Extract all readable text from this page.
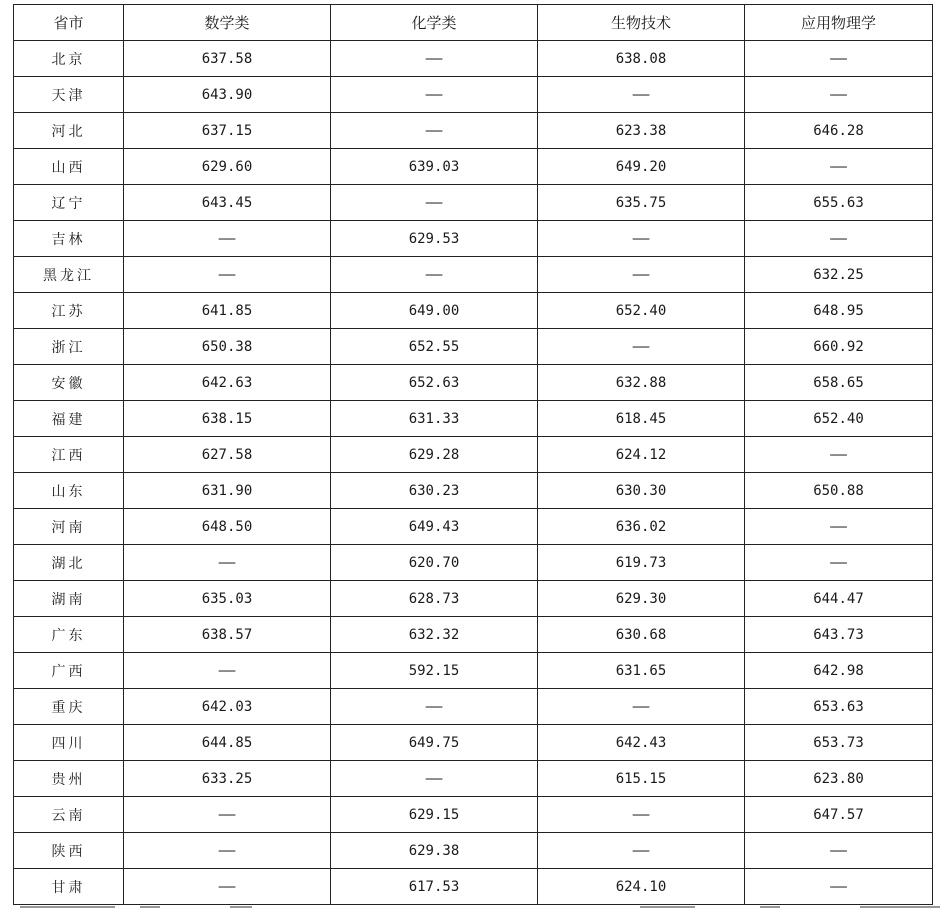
省市	数学类	化学类	生物技术	应用物理学
北京	637.58	——	638.08	——
天津	643.90	——	——	——
河北	637.15	——	623.38	646.28
山西	629.60	639.03	649.20	——
辽宁	643.45	——	635.75	655.63
吉林	——	629.53	——	——
黑龙江	——	——	——	632.25
江苏	641.85	649.00	652.40	648.95
浙江	650.38	652.55	——	660.92
安徽	642.63	652.63	632.88	658.65
福建	638.15	631.33	618.45	652.40
江西	627.58	629.28	624.12	——
山东	631.90	630.23	630.30	650.88
河南	648.50	649.43	636.02	——
湖北	——	620.70	619.73	——
湖南	635.03	628.73	629.30	644.47
广东	638.57	632.32	630.68	643.73
广西	——	592.15	631.65	642.98
重庆	642.03	——	——	653.63
四川	644.85	649.75	642.43	653.73
贵州	633.25	——	615.15	623.80
云南	——	629.15	——	647.57
陕西	——	629.38	——	——
甘肃	——	617.53	624.10	——
